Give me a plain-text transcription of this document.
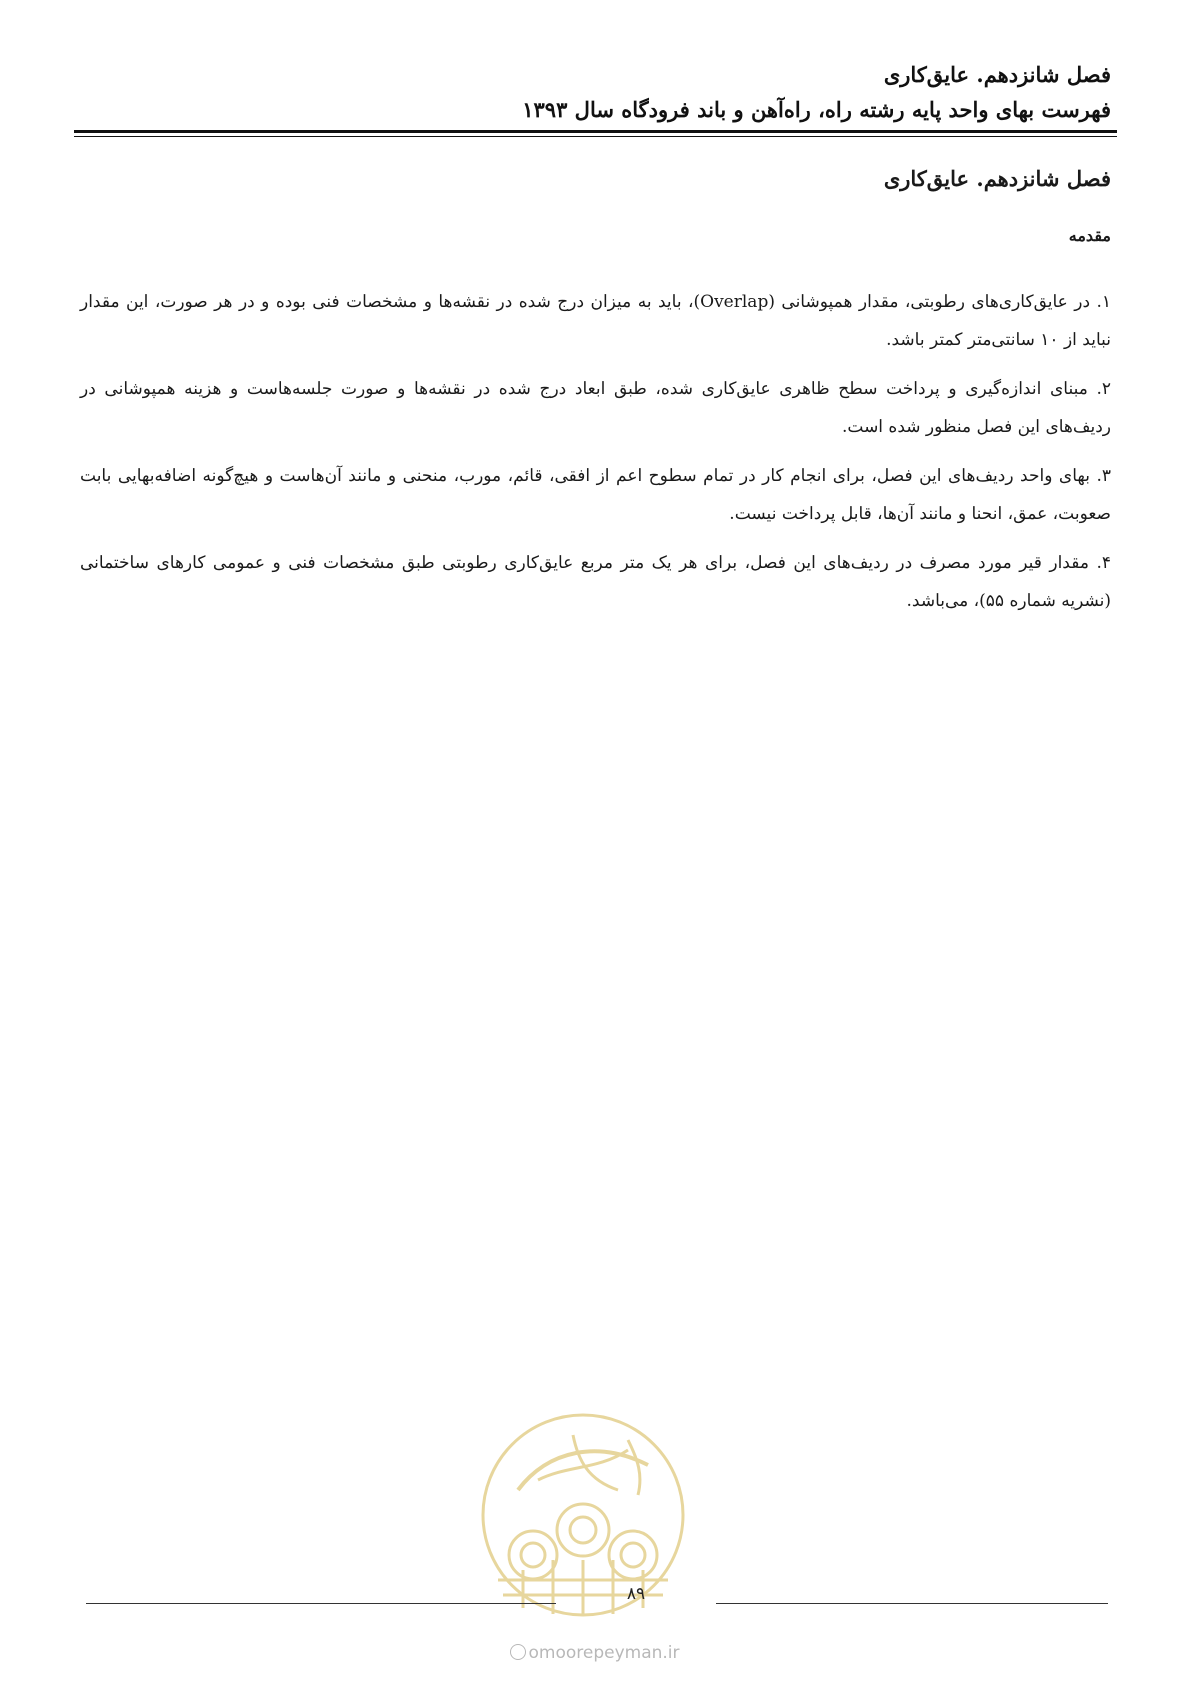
فصل شانزدهم. عایق‌کاری
فهرست بهای واحد پایه رشته راه، راه‌آهن و باند فرودگاه سال ۱۳۹۳
فصل شانزدهم. عایق‌کاری
مقدمه

۱. در عایق‌کاری‌های رطوبتی، مقدار همپوشانی (Overlap)، باید به میزان درج شده در نقشه‌ها و مشخصات فنی بوده و در هر صورت، این مقدار نباید از ۱۰ سانتی‌متر کمتر باشد.

۲. مبنای اندازه‌گیری و پرداخت سطح ظاهری عایق‌کاری شده، طبق ابعاد درج شده در نقشه‌ها و صورت جلسه‌هاست و هزینه همپوشانی در ردیف‌های این فصل منظور شده است.

۳. بهای واحد ردیف‌های این فصل، برای انجام کار در تمام سطوح اعم از افقی، قائم، مورب، منحنی و مانند آن‌هاست و هیچ‌گونه اضافه‌بهایی بابت صعوبت، عمق، انحنا و مانند آن‌ها، قابل پرداخت نیست.

۴. مقدار قیر مورد مصرف در ردیف‌های این فصل، برای هر یک متر مربع عایق‌کاری رطوبتی طبق مشخصات فنی و عمومی کارهای ساختمانی (نشریه شماره ۵۵)، می‌باشد.

۸۹
omoorepeyman.ir
